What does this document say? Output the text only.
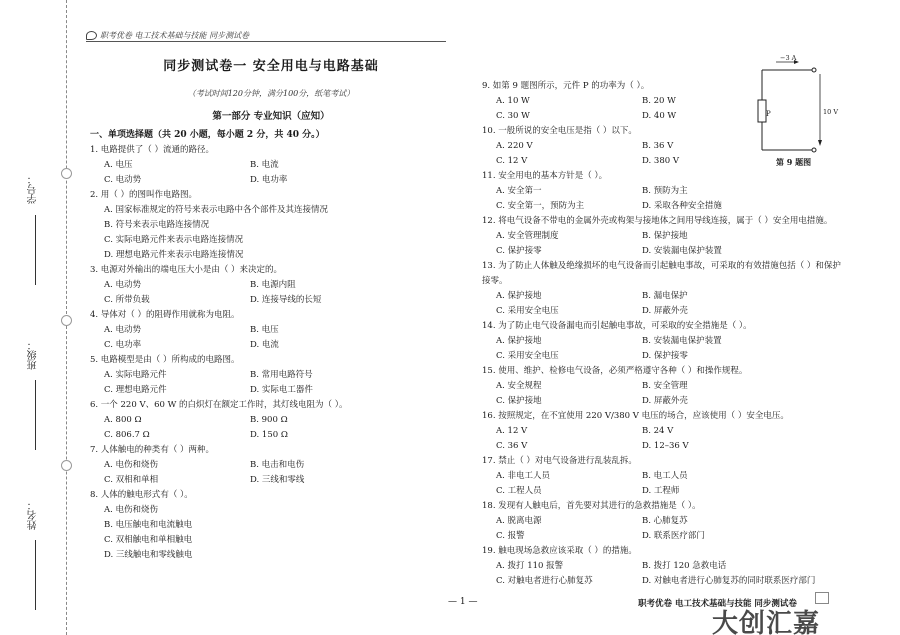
学号：
班级：
姓名：
职考优卷 电工技术基础与技能 同步测试卷
同步测试卷一 安全用电与电路基础
（考试时间120分钟，满分100分，纸笔考试）
第一部分 专业知识（应知）
一、单项选择题（共 20 小题，每小题 2 分，共 40 分。）
1. 电路提供了（ ）流通的路径。
A. 电压	B. 电流
C. 电动势	D. 电功率
2. 用（ ）的图叫作电路图。
A. 国家标准规定的符号来表示电路中各个部件及其连接情况
B. 符号来表示电路连接情况
C. 实际电路元件来表示电路连接情况
D. 理想电路元件来表示电路连接情况
3. 电源对外输出的端电压大小是由（ ）来决定的。
A. 电动势	B. 电源内阻
C. 所带负载	D. 连接导线的长短
4. 导体对（ ）的阻碍作用就称为电阻。
A. 电动势	B. 电压
C. 电功率	D. 电流
5. 电路模型是由（ ）所构成的电路图。
A. 实际电路元件	B. 常用电路符号
C. 理想电路元件	D. 实际电工器件
6. 一个 220 V、60 W 的白炽灯在额定工作时，其灯线电阻为（ ）。
A. 800 Ω	B. 900 Ω
C. 806.7 Ω	D. 150 Ω
7. 人体触电的种类有（ ）两种。
A. 电伤和烧伤	B. 电击和电伤
C. 双相和单相	D. 三线和零线
8. 人体的触电形式有（ ）。
A. 电伤和烧伤
B. 电压触电和电流触电
C. 双相触电和单相触电
D. 三线触电和零线触电
9. 如第 9 题图所示，元件 P 的功率为（ ）。
A. 10 W	B. 20 W
C. 30 W	D. 40 W
10. 一般所说的安全电压是指（ ）以下。
A. 220 V	B. 36 V
C. 12 V	D. 380 V
11. 安全用电的基本方针是（ ）。
A. 安全第一	B. 预防为主
C. 安全第一，预防为主	D. 采取各种安全措施
12. 将电气设备不带电的金属外壳或构架与接地体之间用导线连接，属于（ ）安全用电措施。
A. 安全管理制度	B. 保护接地
C. 保护接零	D. 安装漏电保护装置
13. 为了防止人体触及绝缘损坏的电气设备而引起触电事故，可采取的有效措施包括（ ）和保护接零。
A. 保护接地	B. 漏电保护
C. 采用安全电压	D. 屏蔽外壳
14. 为了防止电气设备漏电而引起触电事故，可采取的安全措施是（ ）。
A. 保护接地	B. 安装漏电保护装置
C. 采用安全电压	D. 保护接零
15. 使用、维护、检修电气设备，必须严格遵守各种（ ）和操作规程。
A. 安全规程	B. 安全管理
C. 保护接地	D. 屏蔽外壳
16. 按照规定，在不宜使用 220 V/380 V 电压的场合，应该使用（ ）安全电压。
A. 12 V	B. 24 V
C. 36 V	D. 12–36 V
17. 禁止（ ）对电气设备进行乱装乱拆。
A. 非电工人员	B. 电工人员
C. 工程人员	D. 工程师
18. 发现有人触电后，首先要对其进行的急救措施是（ ）。
A. 脱离电源	B. 心肺复苏
C. 报警	D. 联系医疗部门
19. 触电现场急救应该采取（ ）的措施。
A. 拨打 110 报警	B. 拨打 120 急救电话
C. 对触电者进行心肺复苏	D. 对触电者进行心肺复苏的同时联系医疗部门
P
−3 A
10 V
第 9 题图
— 1 —	职考优卷 电工技术基础与技能 同步测试卷
大创汇嘉
